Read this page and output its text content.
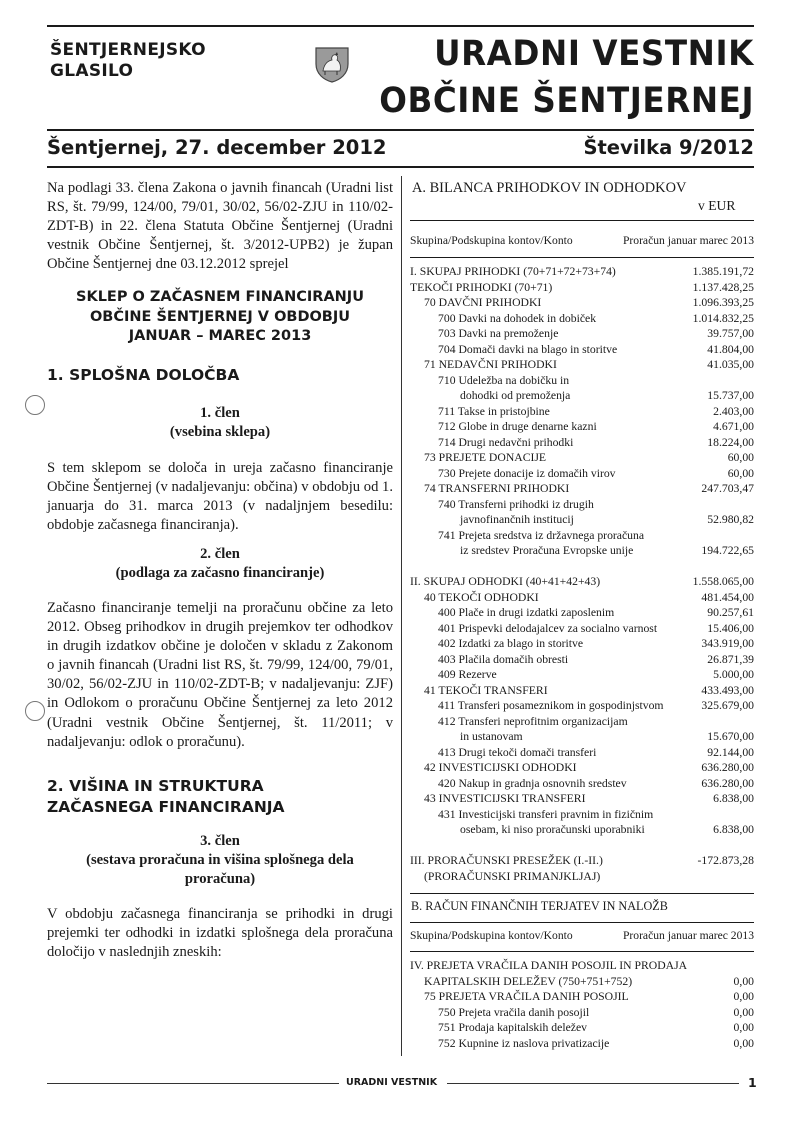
ŠENTJERNEJSKO
GLASILO	URADNI VESTNIK
OBČINE ŠENTJERNEJ
Šentjernej, 27. december 2012	Številka 9/2012
Na podlagi 33. člena Zakona o javnih financah (Uradni list RS, št. 79/99, 124/00, 79/01, 30/02, 56/02-ZJU in 110/02-ZDT-B) in 22. člena Statuta Občine Šentjernej (Uradni vestnik Občine Šentjernej, št. 3/2012-UPB2) je župan Občine Šentjernej dne 03.12.2012 sprejel
SKLEP O ZAČASNEM FINANCIRANJU
OBČINE ŠENTJERNEJ V OBDOBJU
JANUAR – MAREC 2013
1. SPLOŠNA DOLOČBA
1. člen
(vsebina sklepa)
S tem sklepom se določa in ureja začasno financiranje Občine Šentjernej (v nadaljevanju: občina) v obdobju od 1. januarja do 31. marca 2013 (v nadaljnjem besedilu: obdobje začasnega financiranja).
2. člen
(podlaga za začasno financiranje)
Začasno financiranje temelji na proračunu občine za leto 2012. Obseg prihodkov in drugih prejemkov ter odhodkov in drugih izdatkov občine je določen v skladu z Zakonom o javnih financah (Uradni list RS, št. 79/99, 124/00, 79/01, 30/02, 56/02-ZJU in 110/02-ZDT-B; v nadaljevanju: ZJF) in Odlokom o proračunu Občine Šentjernej za leto 2012 (Uradni vestnik Občine Šentjernej, št. 11/2011; v nadaljevanju: odlok o proračunu).
2. VIŠINA IN STRUKTURA
ZAČASNEGA FINANCIRANJA
3. člen
(sestava proračuna in višina splošnega dela
proračuna)
V obdobju začasnega financiranja se prihodki in drugi prejemki ter odhodki in izdatki splošnega dela proračuna določijo v naslednjih zneskih:
A. BILANCA PRIHODKOV IN ODHODKOV
v EUR
Skupina/Podskupina kontov/Konto	Proračun januar marec 2013
I. SKUPAJ PRIHODKI (70+71+72+73+74)	1.385.191,72
TEKOČI PRIHODKI (70+71)	1.137.428,25
70 DAVČNI PRIHODKI	1.096.393,25
700 Davki na dohodek in dobiček	1.014.832,25
703 Davki na premoženje	39.757,00
704 Domači davki na blago in storitve	41.804,00
71 NEDAVČNI PRIHODKI	41.035,00
710 Udeležba na dobičku in
dohodki od premoženja	15.737,00
711 Takse in pristojbine	2.403,00
712 Globe in druge denarne kazni	4.671,00
714 Drugi nedavčni prihodki	18.224,00
73 PREJETE DONACIJE	60,00
730 Prejete donacije iz domačih virov	60,00
74 TRANSFERNI PRIHODKI	247.703,47
740 Transferni prihodki iz drugih
javnofinančnih institucij	52.980,82
741 Prejeta sredstva iz državnega proračuna
iz sredstev Proračuna Evropske unije	194.722,65
II. SKUPAJ ODHODKI (40+41+42+43)	1.558.065,00
40 TEKOČI ODHODKI	481.454,00
400 Plače in drugi izdatki zaposlenim	90.257,61
401 Prispevki delodajalcev za socialno varnost	15.406,00
402 Izdatki za blago in storitve	343.919,00
403 Plačila domačih obresti	26.871,39
409 Rezerve	5.000,00
41 TEKOČI TRANSFERI	433.493,00
411 Transferi posameznikom in gospodinjstvom	325.679,00
412 Transferi neprofitnim organizacijam
in ustanovam	15.670,00
413 Drugi tekoči domači transferi	92.144,00
42 INVESTICIJSKI ODHODKI	636.280,00
420 Nakup in gradnja osnovnih sredstev	636.280,00
43 INVESTICIJSKI TRANSFERI	6.838,00
431 Investicijski transferi pravnim in fizičnim
osebam, ki niso proračunski uporabniki	6.838,00
III. PRORAČUNSKI PRESEŽEK (I.-II.)	-172.873,28
(PRORAČUNSKI PRIMANJKLJAJ)
B. RAČUN FINANČNIH TERJATEV IN NALOŽB
Skupina/Podskupina kontov/Konto	Proračun januar marec 2013
IV. PREJETA VRAČILA DANIH POSOJIL IN PRODAJA
KAPITALSKIH DELEŽEV (750+751+752)	0,00
75 PREJETA VRAČILA DANIH POSOJIL	0,00
750 Prejeta vračila danih posojil	0,00
751 Prodaja kapitalskih deležev	0,00
752 Kupnine iz naslova privatizacije	0,00
URADNI VESTNIK	1
